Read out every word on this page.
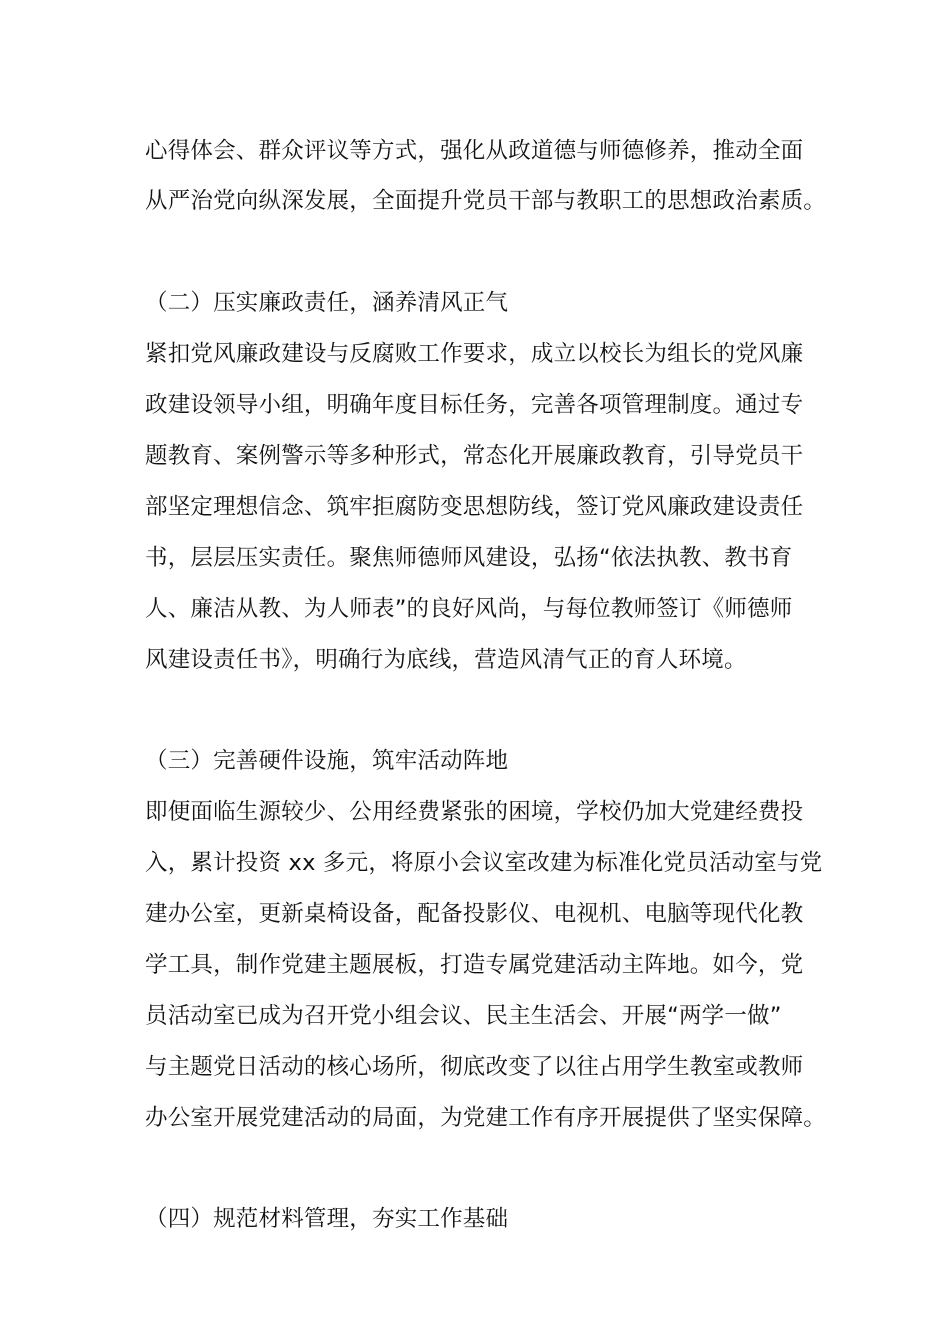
心得体会、群众评议等方式，强化从政道德与师德修养，推动全面
从严治党向纵深发展，全面提升党员干部与教职工的思想政治素质。
（二）压实廉政责任，涵养清风正气
紧扣党风廉政建设与反腐败工作要求，成立以校长为组长的党风廉
政建设领导小组，明确年度目标任务，完善各项管理制度。通过专
题教育、案例警示等多种形式，常态化开展廉政教育，引导党员干
部坚定理想信念、筑牢拒腐防变思想防线，签订党风廉政建设责任
书，层层压实责任。聚焦师德师风建设，弘扬“依法执教、教书育
人、廉洁从教、为人师表”的良好风尚，与每位教师签订《师德师
风建设责任书》，明确行为底线，营造风清气正的育人环境。
（三）完善硬件设施，筑牢活动阵地
即便面临生源较少、公用经费紧张的困境，学校仍加大党建经费投
入，累计投资 xx 多元，将原小会议室改建为标准化党员活动室与党
建办公室，更新桌椅设备，配备投影仪、电视机、电脑等现代化教
学工具，制作党建主题展板，打造专属党建活动主阵地。如今，党
员活动室已成为召开党小组会议、民主生活会、开展“两学一做”
与主题党日活动的核心场所，彻底改变了以往占用学生教室或教师
办公室开展党建活动的局面，为党建工作有序开展提供了坚实保障。
（四）规范材料管理，夯实工作基础
